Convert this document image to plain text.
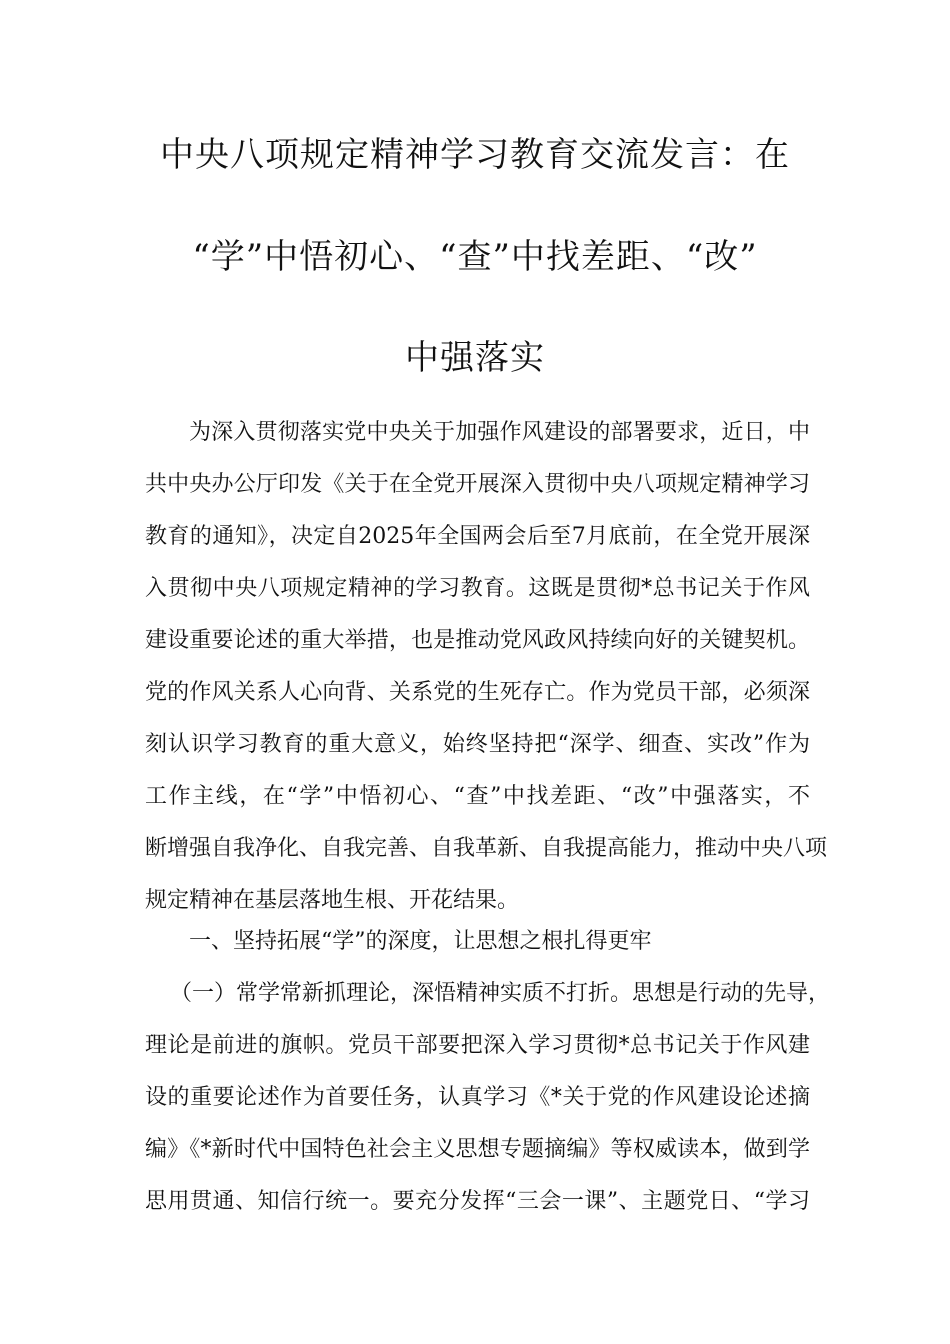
中央八项规定精神学习教育交流发言：在
“学”中悟初心、“查”中找差距、“改”
中强落实
为深入贯彻落实党中央关于加强作风建设的部署要求，近日，中
共中央办公厅印发《关于在全党开展深入贯彻中央八项规定精神学习
教育的通知》，决定自2025年全国两会后至7月底前，在全党开展深
入贯彻中央八项规定精神的学习教育。这既是贯彻*总书记关于作风
建设重要论述的重大举措，也是推动党风政风持续向好的关键契机。
党的作风关系人心向背、关系党的生死存亡。作为党员干部，必须深
刻认识学习教育的重大意义，始终坚持把“深学、细查、实改”作为
工作主线，在“学”中悟初心、“查”中找差距、“改”中强落实，不
断增强自我净化、自我完善、自我革新、自我提高能力，推动中央八项
规定精神在基层落地生根、开花结果。
一、坚持拓展“学”的深度，让思想之根扎得更牢
（一）常学常新抓理论，深悟精神实质不打折。思想是行动的先导，
理论是前进的旗帜。党员干部要把深入学习贯彻*总书记关于作风建
设的重要论述作为首要任务，认真学习《*关于党的作风建设论述摘
编》《*新时代中国特色社会主义思想专题摘编》等权威读本，做到学
思用贯通、知信行统一。要充分发挥“三会一课”、主题党日、“学习
